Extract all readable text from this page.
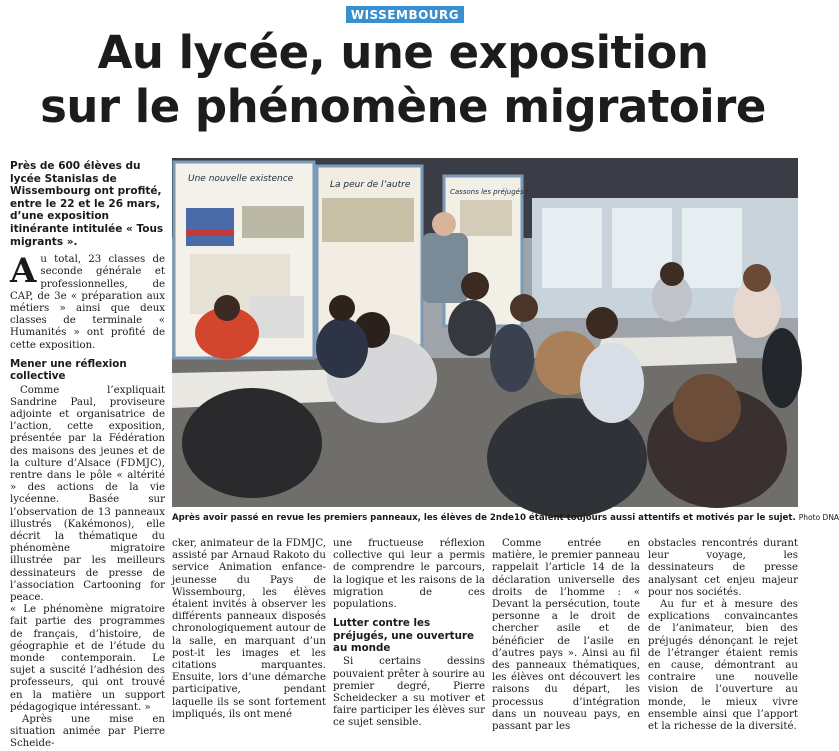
WISSEMBOURG
Au lycée, une exposition
sur le phénomène migratoire

Près de 600 élèves du lycée Stanislas de Wissembourg ont profité, entre le 22 et le 26 mars, d’une exposition itinérante intitulée « Tous migrants ».

Au total, 23 classes de seconde générale et professionnelles, de CAP, de 3e « préparation aux métiers » ainsi que deux classes de terminale « Humanités » ont profité de cette exposition.
Mener une réflexion collective

Comme l’expliquait Sandrine Paul, proviseure adjointe et organisatrice de l’action, cette exposition, présentée par la Fédération des maisons des jeunes et de la culture d’Alsace (FDMJC), rentre dans le pôle « altérité » des actions de la vie lycéenne. Basée sur l’observation de 13 panneaux illustrés (Kakémonos), elle décrit la thématique du phénomène migratoire illustrée par les meilleurs dessinateurs de presse de l’association Cartooning for peace.

« Le phénomène migratoire fait partie des programmes de français, d’histoire, de géographie et de l’étude du monde contemporain. Le sujet a suscité l’adhésion des professeurs, qui ont trouvé en la matière un support pédagogique intéressant. »

Après une mise en situation animée par Pierre Scheide-

Une nouvelle existence
La peur de l’autre
Cassons les préjugés !
Après avoir passé en revue les premiers panneaux, les élèves de 2nde10 étaient toujours aussi attentifs et motivés par le sujet. Photo DNA

cker, animateur de la FDMJC, assisté par Arnaud Rakoto du service Animation enfance-jeunesse du Pays de Wissembourg, les élèves étaient invités à observer les différents panneaux disposés chronologiquement autour de la salle, en marquant d’un post-it les images et les citations marquantes. Ensuite, lors d’une démarche participative, pendant laquelle ils se sont fortement impliqués, ils ont mené

une fructueuse réflexion collective qui leur a permis de comprendre le parcours, la logique et les raisons de la migration de ces populations.

Lutter contre les préjugés, une ouverture au monde

Si certains dessins pouvaient prêter à sourire au premier degré, Pierre Scheidecker a su motiver et faire participer les élèves sur ce sujet sensible.

Comme entrée en matière, le premier panneau rappelait l’article 14 de la déclaration universelle des droits de l’homme : « Devant la persécution, toute personne a le droit de chercher asile et de bénéficier de l’asile en d’autres pays ». Ainsi au fil des panneaux thématiques, les élèves ont découvert les raisons du départ, les processus d’intégration dans un nouveau pays, en passant par les

obstacles rencontrés durant leur voyage, les dessinateurs de presse analysant cet enjeu majeur pour nos sociétés.

Au fur et à mesure des explications convaincantes de l’animateur, bien des préjugés dénonçant le rejet de l’étranger étaient remis en cause, démontrant au contraire une nouvelle vision de l’ouverture au monde, le mieux vivre ensemble ainsi que l’apport et la richesse de la diversité.
